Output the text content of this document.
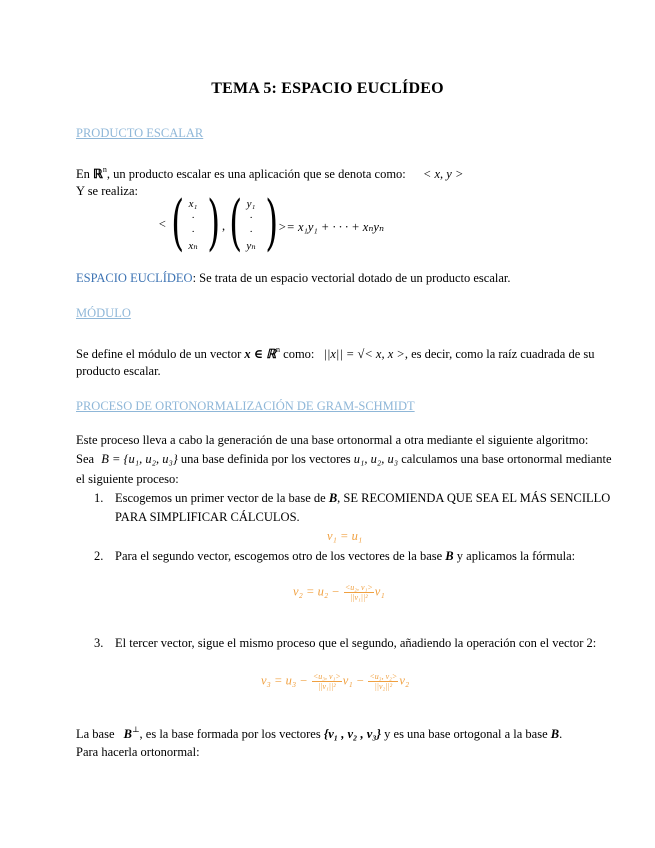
TEMA 5: ESPACIO EUCLÍDEO
PRODUCTO ESCALAR
En ℝ$^n$, un producto escalar es una aplicación que se denota como: < x, y >
Y se realiza:
< ( x₁
·
·
xₙ ) , ( y₁
·
·
yₙ ) >= x₁y₁ + · · · + xₙyₙ
ESPACIO EUCLÍDEO: Se trata de un espacio vectorial dotado de un producto escalar.
MÓDULO
Se define el módulo de un vector x ∈ ℝ$^n$ como: ||x|| = √< x, x >, es decir, como la raíz cuadrada de su
producto escalar.
PROCESO DE ORTONORMALIZACIÓN DE GRAM-SCHMIDT
Este proceso lleva a cabo la generación de una base ortonormal a otra mediante el siguiente algoritmo:
Sea B = {u₁, u₂, u₃} una base definida por los vectores u₁, u₂, u₃ calculamos una base ortonormal mediante
el siguiente proceso:
1. Escogemos un primer vector de la base de B, SE RECOMIENDA QUE SEA EL MÁS SENCILLO
PARA SIMPLIFICAR CÁLCULOS.
v₁ = u₁
2. Para el segundo vector, escogemos otro de los vectores de la base B y aplicamos la fórmula:
$v_2 = u_2 - \frac{\text{<u₂, v₁>}}{\text{||v₁||²}} v_1$
3. El tercer vector, sigue el mismo proceso que el segundo, añadiendo la operación con el vector 2:
$v_3 = u_3 - \frac{\text{<u₃, v₁>}}{\text{||v₁||²}} v_1 - \frac{\text{<u₃, v₂>}}{\text{||v₂||²}} v_2$
La base B⊥, es la base formada por los vectores {v₁ , v₂ , v₃} y es una base ortogonal a la base B.
Para hacerla ortonormal:
